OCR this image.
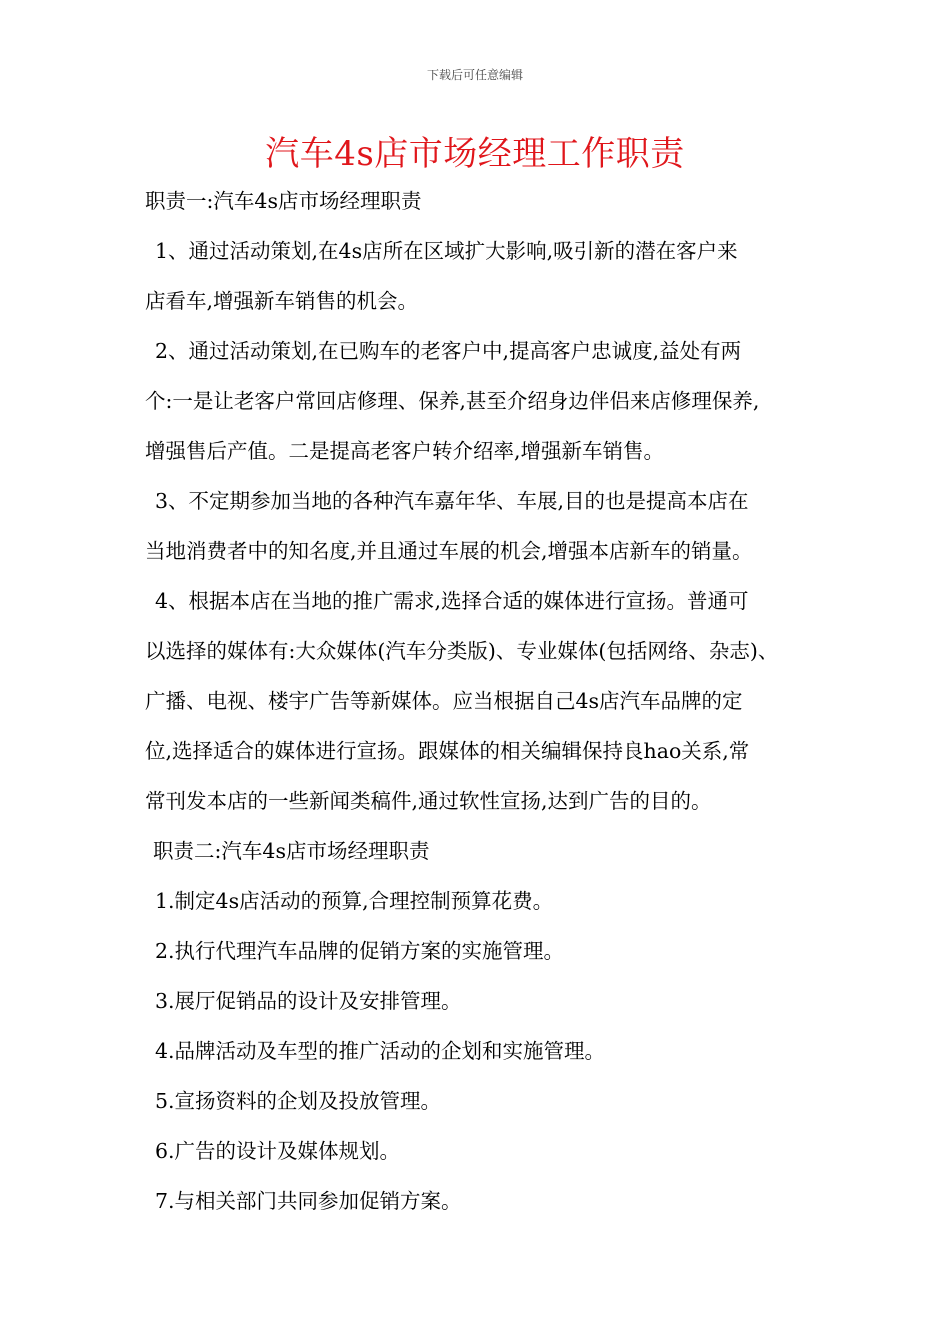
下载后可任意编辑
汽车4s店市场经理工作职责
职责一:汽车4s店市场经理职责
1、通过活动策划,在4s店所在区域扩大影响,吸引新的潜在客户来
店看车,增强新车销售的机会。
2、通过活动策划,在已购车的老客户中,提高客户忠诚度,益处有两
个:一是让老客户常回店修理、保养,甚至介绍身边伴侣来店修理保养,
增强售后产值。二是提高老客户转介绍率,增强新车销售。
3、不定期参加当地的各种汽车嘉年华、车展,目的也是提高本店在
当地消费者中的知名度,并且通过车展的机会,增强本店新车的销量。
4、根据本店在当地的推广需求,选择合适的媒体进行宣扬。普通可
以选择的媒体有:大众媒体(汽车分类版)、专业媒体(包括网络、杂志)、
广播、电视、楼宇广告等新媒体。应当根据自己4s店汽车品牌的定
位,选择适合的媒体进行宣扬。跟媒体的相关编辑保持良hao关系,常
常刊发本店的一些新闻类稿件,通过软性宣扬,达到广告的目的。
职责二:汽车4s店市场经理职责
1.制定4s店活动的预算,合理控制预算花费。
2.执行代理汽车品牌的促销方案的实施管理。
3.展厅促销品的设计及安排管理。
4.品牌活动及车型的推广活动的企划和实施管理。
5.宣扬资料的企划及投放管理。
6.广告的设计及媒体规划。
7.与相关部门共同参加促销方案。
